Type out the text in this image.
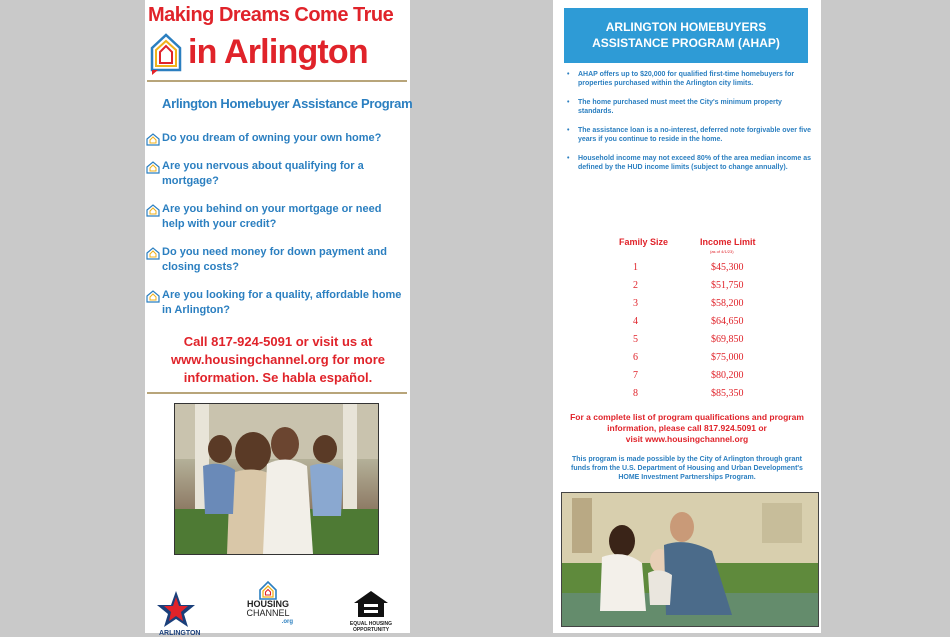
Making Dreams Come True
in Arlington
Arlington Homebuyer Assistance Program
Do you dream of owning your own home?
Are you nervous about qualifying for a mortgage?
Are you behind on your mortgage or need help with your credit?
Do you need money for down payment and closing costs?
Are you looking for a quality, affordable home in Arlington?
Call 817-924-5091 or visit us at
www.housingchannel.org for more
information. Se habla español.
ARLINGTON
HOUSING
CHANNEL
.org	EQUAL HOUSING
OPPORTUNITY
ARLINGTON HOMEBUYERS
ASSISTANCE PROGRAM (AHAP)
• AHAP offers up to $20,000 for qualified first-time homebuyers for properties purchased within the Arlington city limits.
• The home purchased must meet the City's minimum property standards.
• The assistance loan is a no-interest, deferred note forgivable over five years if you continue to reside in the home.
• Household income may not exceed 80% of the area median income as defined by the HUD income limits (subject to change annually).
Family Size	Income Limit
(as of 4/1/23)
1	$45,300
2	$51,750
3	$58,200
4	$64,650
5	$69,850
6	$75,000
7	$80,200
8	$85,350
For a complete list of program qualifications and program
information, please call 817.924.5091 or
visit www.housingchannel.org
This program is made possible by the City of Arlington through grant funds from the U.S. Department of Housing and Urban Development's HOME Investment Partnerships Program.
